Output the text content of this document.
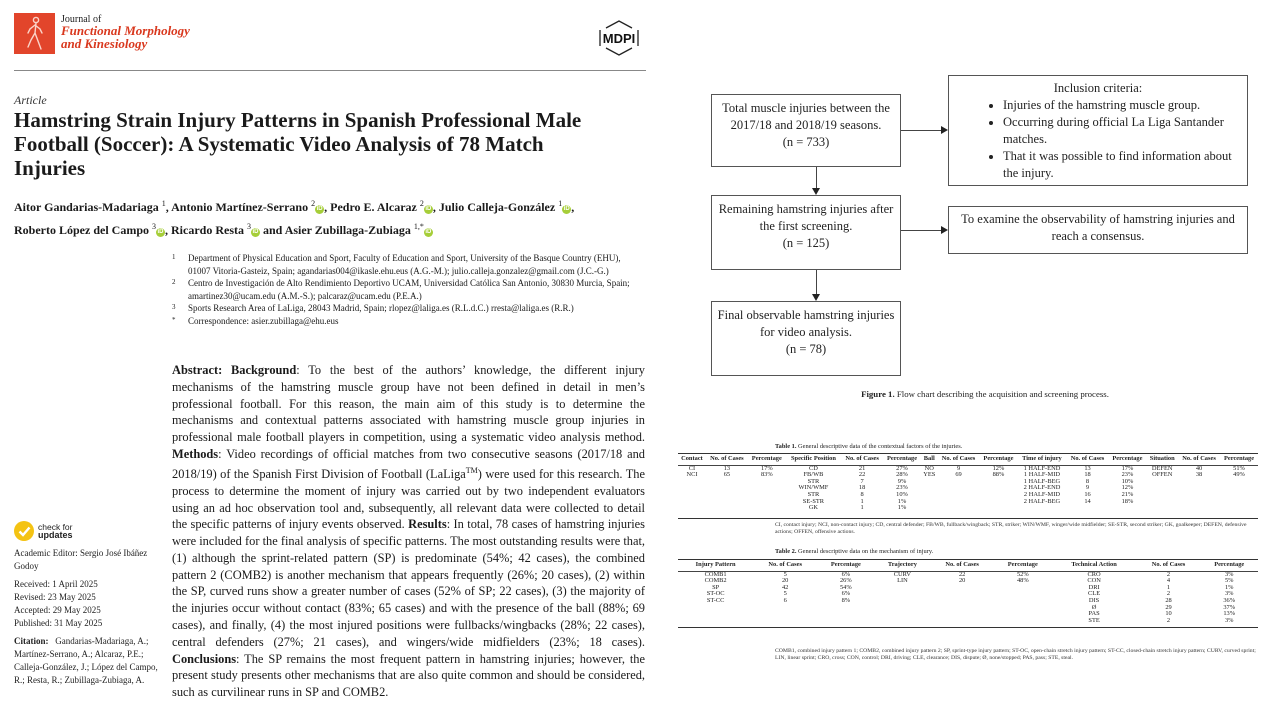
Journal of
Functional Morphology
and Kinesiology	MDPI
Article
Hamstring Strain Injury Patterns in Spanish Professional Male Football (Soccer): A Systematic Video Analysis of 78 Match Injuries
Aitor Gandarias-Madariaga $^1$, Antonio Martínez-Serrano $^2$iD , Pedro E. Alcaraz $^2$iD , Julio Calleja-González $^1$iD ,
Roberto López del Campo $^3$iD , Ricardo Resta $^3$iD and Asier Zubillaga-Zubiaga $^{1,*}$iD
1 Department of Physical Education and Sport, Faculty of Education and Sport, University of the Basque Country (EHU), 01007 Vitoria-Gasteiz, Spain; agandarias004@ikasle.ehu.eus (A.G.-M.); julio.calleja.gonzalez@gmail.com (J.C.-G.)
2 Centro de Investigación de Alto Rendimiento Deportivo UCAM, Universidad Católica San Antonio, 30830 Murcia, Spain; amartinez30@ucam.edu (A.M.-S.); palcaraz@ucam.edu (P.E.A.)
3 Sports Research Area of LaLiga, 28043 Madrid, Spain; rlopez@laliga.es (R.L.d.C.) rresta@laliga.es (R.R.)
* Correspondence: asier.zubillaga@ehu.eus
Abstract: Background: To the best of the authors’ knowledge, the different injury mechanisms of the hamstring muscle group have not been defined in detail in men’s professional football. For this reason, the main aim of this study is to determine the mechanisms and contextual patterns associated with hamstring muscle group injuries in professional male football players in competition, using a systematic video analysis method. Methods: Video recordings of official matches from two consecutive seasons (2017/18 and 2018/19) of the Spanish First Division of Football (LaLiga™) were used for this research. The process to determine the moment of injury was carried out by two independent evaluators using an ad hoc observation tool and, subsequently, all relevant data were collected to detail the specific patterns of injury events observed. Results: In total, 78 cases of hamstring injuries were included for the final analysis of specific patterns. The most outstanding results were that, (1) although the sprint-related pattern (SP) is predominate (54%; 42 cases), the combined pattern 2 (COMB2) is another mechanism that appears frequently (26%; 20 cases), (2) within the SP, curved runs show a greater number of cases (52% of SP; 22 cases), (3) the majority of the injuries occur without contact (83%; 65 cases) and with the presence of the ball (88%; 69 cases), and finally, (4) the most injured positions were fullbacks/wingbacks (28%; 22 cases), central defenders (27%; 21 cases), and wingers/wide midfielders (23%; 18 cases). Conclusions: The SP remains the most frequent pattern in hamstring injuries; however, the present study presents other mechanisms that are also quite common and should be considered, such as curvilinear runs in SP and COMB2.
check for
updates
Academic Editor: Sergio José Ibáñez Godoy
Received: 1 April 2025
Revised: 23 May 2025
Accepted: 29 May 2025
Published: 31 May 2025
Citation: Gandarias-Madariaga, A.; Martínez-Serrano, A.; Alcaraz, P.E.; Calleja-González, J.; López del Campo, R.; Resta, R.; Zubillaga-Zubiaga, A.
Total muscle injuries between the
2017/18 and 2018/19 seasons.
(n = 733)
Remaining hamstring injuries after
the first screening.
(n = 125)
Final observable hamstring injuries
for video analysis.
(n = 78)
Inclusion criteria:
• Injuries of the hamstring muscle group.
• Occurring during official La Liga Santander matches.
• That it was possible to find information about the injury.
To examine the observability of hamstring injuries and reach a consensus.
Figure 1. Flow chart describing the acquisition and screening process.
Table 1. General descriptive data of the contextual factors of the injuries.
Contact	No. of Cases	Percentage	Specific Position	No. of Cases	Percentage	Ball	No. of Cases	Percentage	Time of injury	No. of Cases	Percentage	Situation	No. of Cases	Percentage
CI	13	17%	CD	21	27%	NO	9	12%	1 HALF-END	13	17%	DEFEN	40	51%
NCI	65	83%	FB/WB	22	28%	YES	69	88%	1 HALF-MID	18	23%	OFFEN	38	49%
			STR	7	9%				1 HALF-BEG	8	10%			
			WIN/WMF	18	23%				2 HALF-END	9	12%			
			STR	8	10%				2 HALF-MID	16	21%			
			SE-STR	1	1%				2 HALF-BEG	14	18%			
			GK	1	1%									
CI, contact injury; NCI, non-contact injury; CD, central defender; FB/WB, fullback/wingback; STR, striker; WIN/WMF, winger/wide midfielder; SE-STR, second striker; GK, goalkeeper; DEFEN, defensive actions; OFFEN, offensive actions.
Table 2. General descriptive data on the mechanism of injury.
Injury Pattern	No. of Cases	Percentage	Trajectory	No. of Cases	Percentage	Technical Action	No. of Cases	Percentage
COMB1	5	6%	CURV	22	52%	CRO	2	3%
COMB2	20	26%	LIN	20	48%	CON	4	5%
SP	42	54%				DRI	1	1%
ST-OC	5	6%				CLE	2	3%
ST-CC	6	8%				DIS	28	36%
						Ø	29	37%
						PAS	10	13%
						STE	2	3%
COMB1, combined injury pattern 1; COMB2, combined injury pattern 2; SP, sprint-type injury pattern; ST-OC, open-chain stretch injury pattern; ST-CC, closed-chain stretch injury pattern; CURV, curved sprint; LIN, linear sprint; CRO, cross; CON, control; DRI, driving; CLE, clearance; DIS, dispute; Ø, none/stopped; PAS, pass; STE, steal.
